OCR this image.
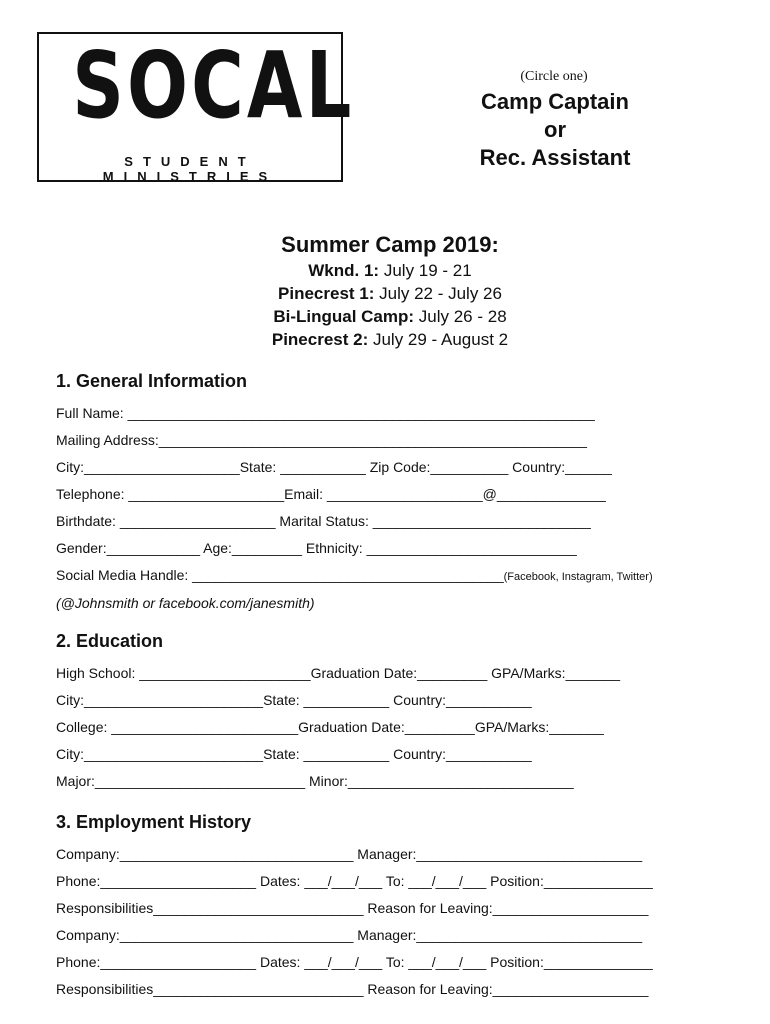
SOCAL
STUDENT MINISTRIES
(Circle one)
Camp Captain
or
Rec. Assistant
Summer Camp 2019:
Wknd. 1: July 19 - 21
Pinecrest 1: July 22 - July 26
Bi-Lingual Camp: July 26 - 28
Pinecrest 2: July 29 - August 2
1. General Information
Full Name: ____________________________________________________________
Mailing Address:_______________________________________________________
City:____________________State: ___________ Zip Code:__________ Country:______
Telephone: ____________________Email: ____________________@______________
Birthdate: ____________________ Marital Status: ____________________________
Gender:____________ Age:_________ Ethnicity: ___________________________
Social Media Handle: ________________________________________(Facebook, Instagram, Twitter)
(@Johnsmith or facebook.com/janesmith)
2. Education
High School: ______________________Graduation Date:_________ GPA/Marks:_______
City:_______________________State: ___________ Country:___________
College: ________________________Graduation Date:_________GPA/Marks:_______
City:_______________________State: ___________ Country:___________
Major:___________________________ Minor:_____________________________
3. Employment History
Company:______________________________ Manager:_____________________________
Phone:____________________ Dates: ___/___/___ To: ___/___/___ Position:______________
Responsibilities___________________________ Reason for Leaving:____________________
Company:______________________________ Manager:_____________________________
Phone:____________________ Dates: ___/___/___ To: ___/___/___ Position:______________
Responsibilities___________________________ Reason for Leaving:____________________
